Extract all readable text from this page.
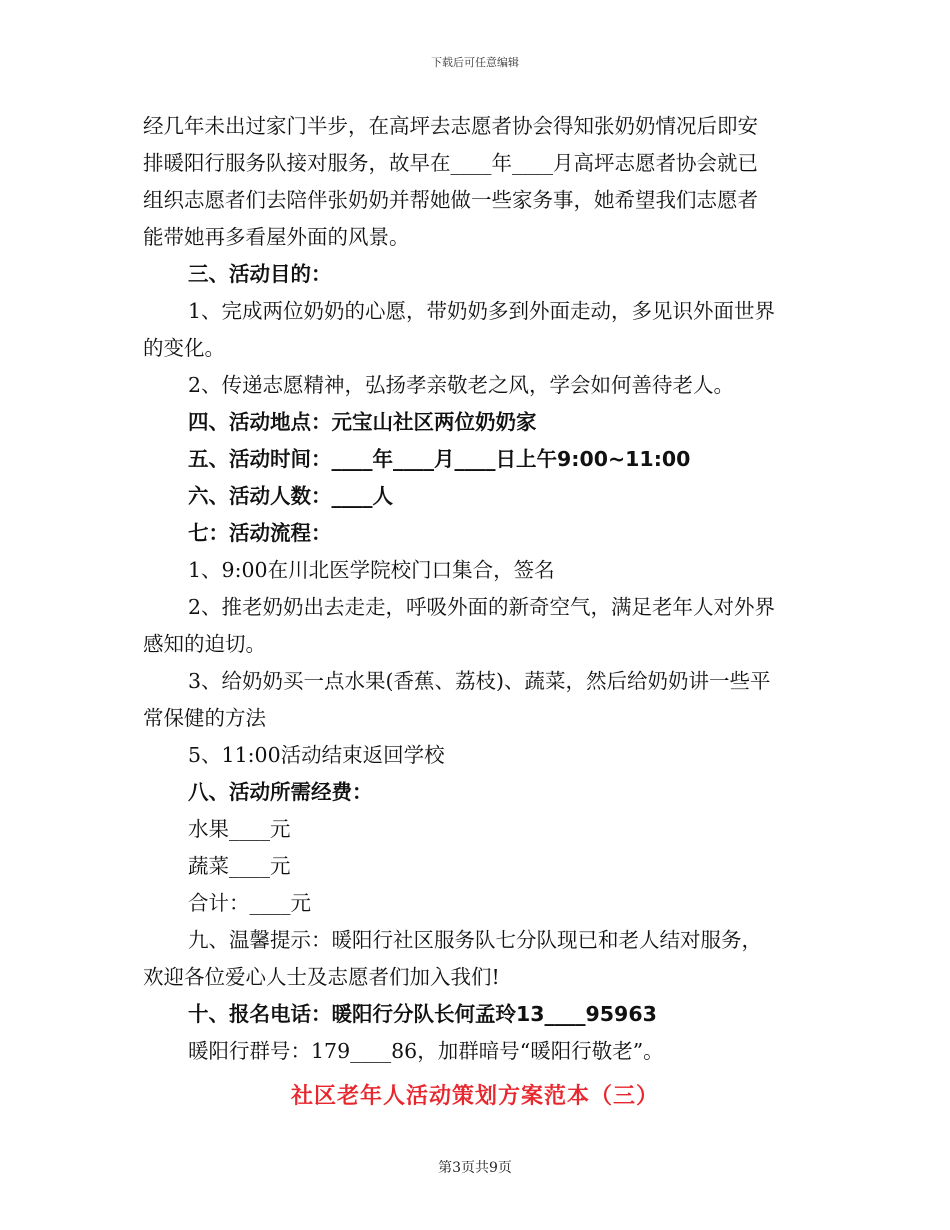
下载后可任意编辑
经几年未出过家门半步，在高坪去志愿者协会得知张奶奶情况后即安
排暖阳行服务队接对服务，故早在____年____月高坪志愿者协会就已
组织志愿者们去陪伴张奶奶并帮她做一些家务事，她希望我们志愿者
能带她再多看屋外面的风景。
三、活动目的：
1、完成两位奶奶的心愿，带奶奶多到外面走动，多见识外面世界
的变化。
2、传递志愿精神，弘扬孝亲敬老之风，学会如何善待老人。
四、活动地点：元宝山社区两位奶奶家
五、活动时间：____年____月____日上午9:00~11:00
六、活动人数：____人
七：活动流程：
1、9:00在川北医学院校门口集合，签名
2、推老奶奶出去走走，呼吸外面的新奇空气，满足老年人对外界
感知的迫切。
3、给奶奶买一点水果(香蕉、荔枝)、蔬菜，然后给奶奶讲一些平
常保健的方法
5、11:00活动结束返回学校
八、活动所需经费：
水果____元
蔬菜____元
合计：____元
九、温馨提示：暖阳行社区服务队七分队现已和老人结对服务，
欢迎各位爱心人士及志愿者们加入我们!
十、报名电话：暖阳行分队长何孟玲13____95963
暖阳行群号：179____86，加群暗号“暖阳行敬老”。
社区老年人活动策划方案范本（三）
第3页共9页
